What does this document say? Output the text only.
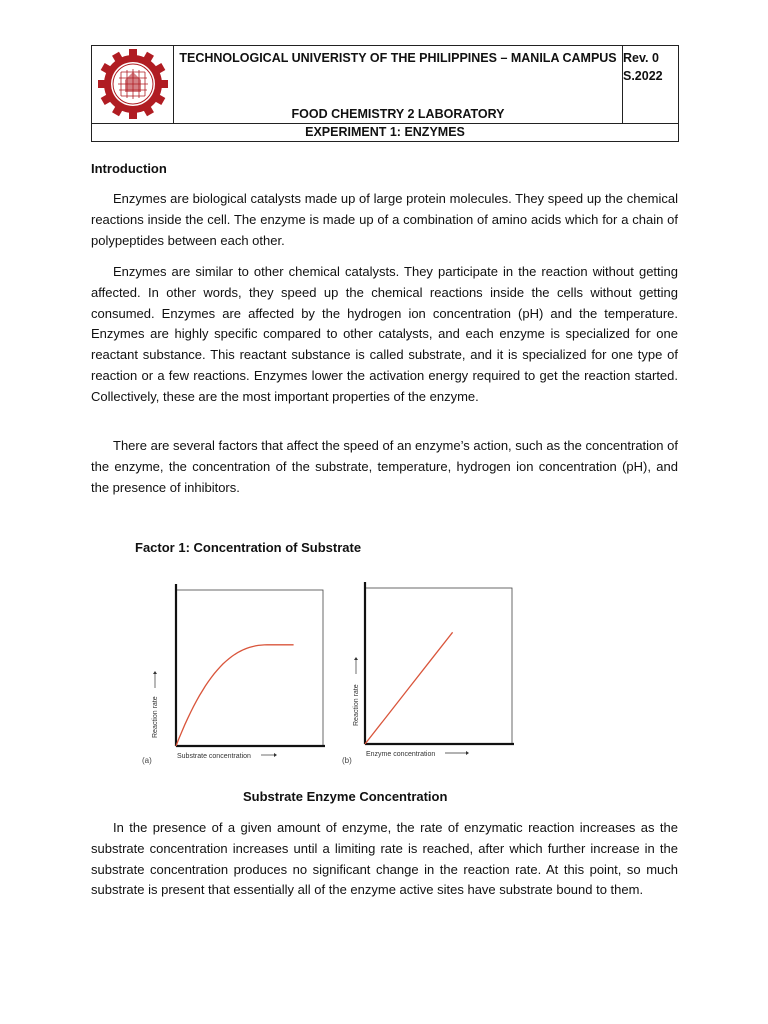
TECHNOLOGICAL UNIVERISTY OF THE PHILIPPINES – MANILA CAMPUS
FOOD CHEMISTRY 2 LABORATORY
Rev. 0
S.2022
EXPERIMENT 1: ENZYMES
Introduction

Enzymes are biological catalysts made up of large protein molecules. They speed up the chemical reactions inside the cell. The enzyme is made up of a combination of amino acids which for a chain of polypeptides between each other.

Enzymes are similar to other chemical catalysts. They participate in the reaction without getting affected. In other words, they speed up the chemical reactions inside the cells without getting consumed. Enzymes are affected by the hydrogen ion concentration (pH) and the temperature. Enzymes are highly specific compared to other catalysts, and each enzyme is specialized for one reactant substance. This reactant substance is called substrate, and it is specialized for one type of reaction or a few reactions. Enzymes lower the activation energy required to get the reaction started. Collectively, these are the most important properties of the enzyme.

There are several factors that affect the speed of an enzyme’s action, such as the concentration of the enzyme, the concentration of the substrate, temperature, hydrogen ion concentration (pH), and the presence of inhibitors.

Factor 1: Concentration of Substrate
(a)	Substrate concentration
Reaction rate
(b)
Enzyme concentration
Reaction rate
Substrate Enzyme Concentration

In the presence of a given amount of enzyme, the rate of enzymatic reaction increases as the substrate concentration increases until a limiting rate is reached, after which further increase in the substrate concentration produces no significant change in the reaction rate. At this point, so much substrate is present that essentially all of the enzyme active sites have substrate bound to them.
